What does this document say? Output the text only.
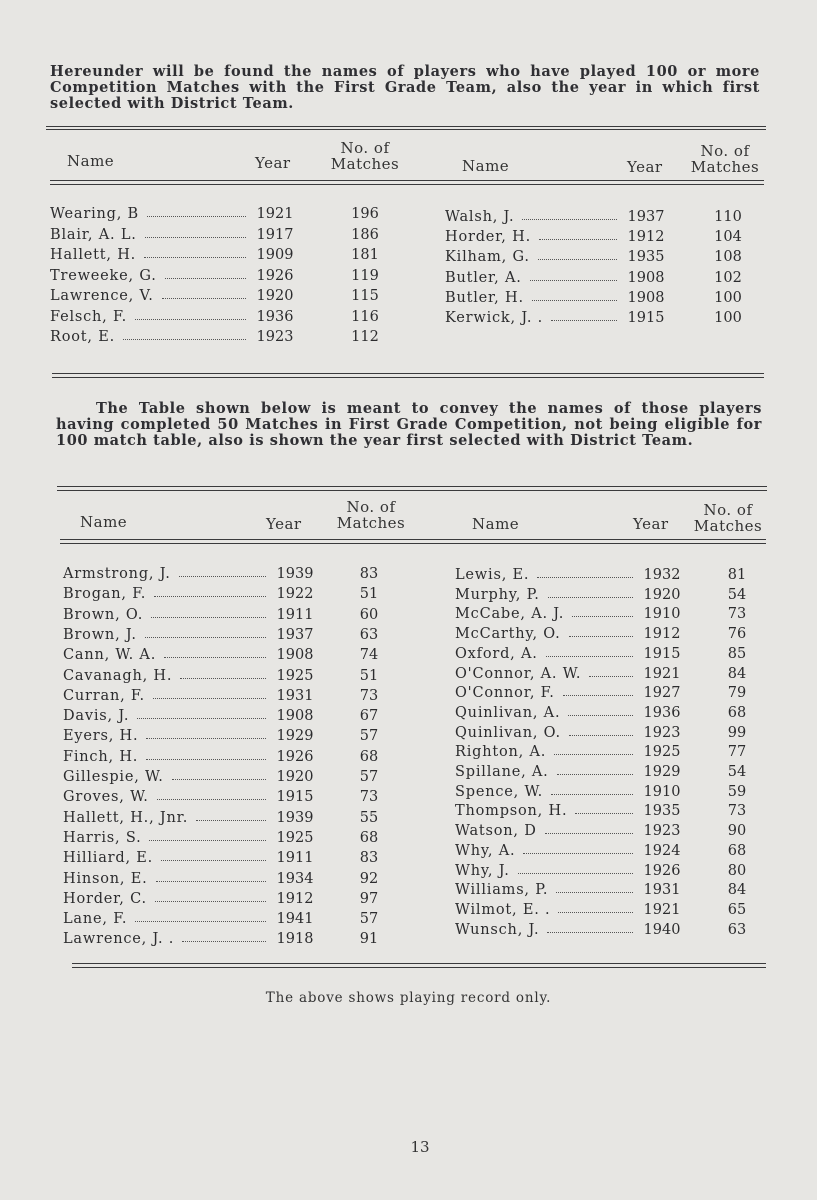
Hereunder will be found the names of players who have played 100 or more Competition Matches with the First Grade Team, also the year in which first selected with District Team.
Name	Year
No. of
Matches	Name	Year
No. of
Matches
Wearing, B	1921	196
Blair, A. L.	1917	186
Hallett, H.	1909	181
Treweeke, G.	1926	119
Lawrence, V.	1920	115
Felsch, F.	1936	116
Root, E.	1923	112
Walsh, J.	1937	110
Horder, H.	1912	104
Kilham, G.	1935	108
Butler, A.	1908	102
Butler, H.	1908	100
Kerwick, J. .	1915	100
The Table shown below is meant to convey the names of those players having completed 50 Matches in First Grade Competition, not being eligible for 100 match table, also is shown the year first selected with District Team.
Name	Year
No. of
Matches	Name	Year
No. of
Matches
Armstrong, J.	1939	83
Brogan, F.	1922	51
Brown, O.	1911	60
Brown, J.	1937	63
Cann, W. A.	1908	74
Cavanagh, H.	1925	51
Curran, F.	1931	73
Davis, J.	1908	67
Eyers, H.	1929	57
Finch, H.	1926	68
Gillespie, W.	1920	57
Groves, W.	1915	73
Hallett, H., Jnr.	1939	55
Harris, S.	1925	68
Hilliard, E.	1911	83
Hinson, E.	1934	92
Horder, C.	1912	97
Lane, F.	1941	57
Lawrence, J. .	1918	91
Lewis, E.	1932	81
Murphy, P.	1920	54
McCabe, A. J.	1910	73
McCarthy, O.	1912	76
Oxford, A.	1915	85
O'Connor, A. W.	1921	84
O'Connor, F.	1927	79
Quinlivan, A.	1936	68
Quinlivan, O.	1923	99
Righton, A.	1925	77
Spillane, A.	1929	54
Spence, W.	1910	59
Thompson, H.	1935	73
Watson, D	1923	90
Why, A.	1924	68
Why, J.	1926	80
Williams, P.	1931	84
Wilmot, E. .	1921	65
Wunsch, J.	1940	63
The above shows playing record only.
13
